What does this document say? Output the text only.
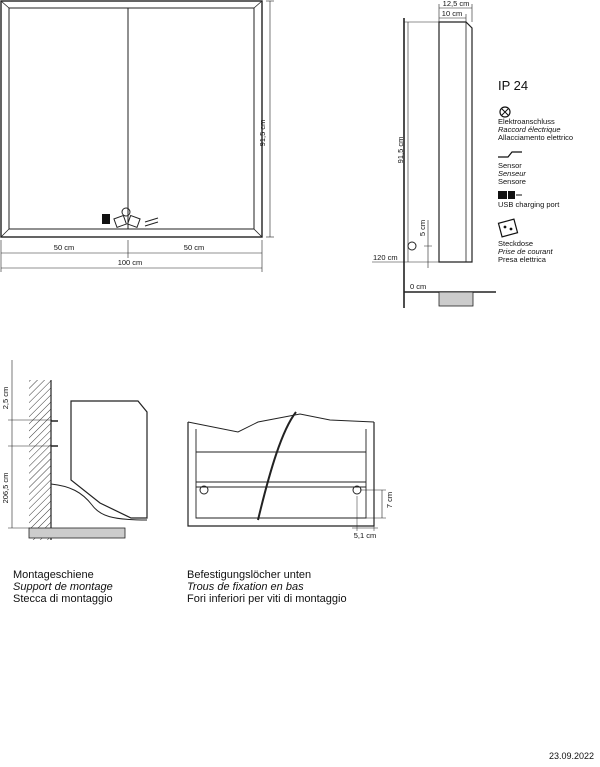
91,5 cm
50 cm	50 cm
100 cm
12,5 cm
10 cm
91,5 cm
5 cm
120 cm
0 cm
IP 24
Elektroanschluss
Raccord électrique
Allacciamento elettrico
Sensor
Senseur
Sensore
USB charging port
Steckdose
Prise de courant
Presa elettrica
2,5 cm
206,5 cm
Montageschiene
Support de montage
Stecca di montaggio
7 cm
5,1 cm
Befestigungslöcher unten
Trous de fixation en bas
Fori inferiori per viti di montaggio
23.09.2022
